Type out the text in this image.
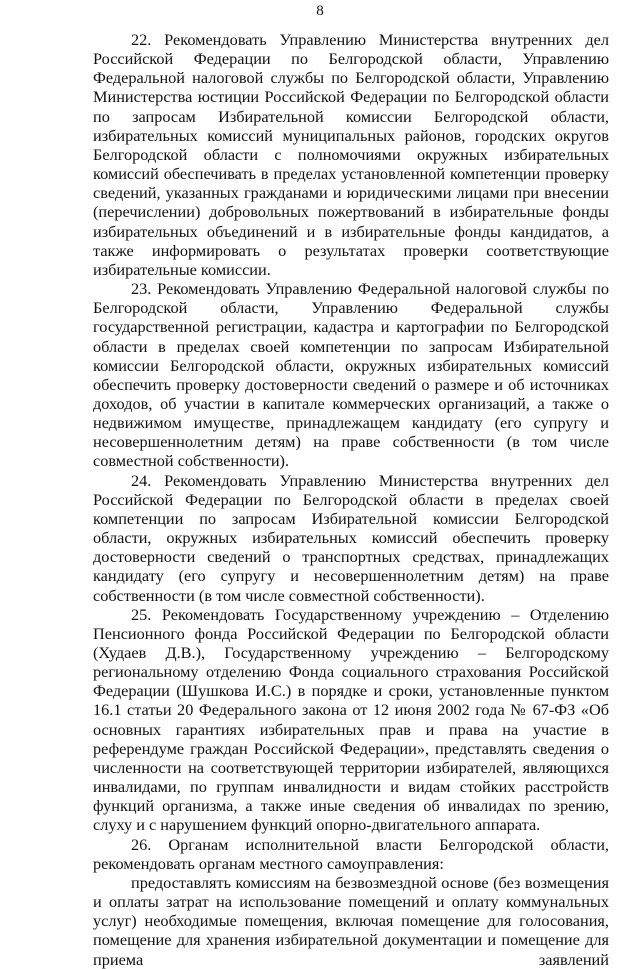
8

22. Рекомендовать Управлению Министерства внутренних дел Российской Федерации по Белгородской области, Управлению Федеральной налоговой службы по Белгородской области, Управлению Министерства юстиции Российской Федерации по Белгородской области по запросам Избирательной комиссии Белгородской области, избирательных комиссий муниципальных районов, городских округов Белгородской области с полномочиями окружных избирательных комиссий обеспечивать в пределах установленной компетенции проверку сведений, указанных гражданами и юридическими лицами при внесении (перечислении) добровольных пожертвований в избирательные фонды избирательных объединений и в избирательные фонды кандидатов, а также информировать о результатах проверки соответствующие избирательные комиссии.

23. Рекомендовать Управлению Федеральной налоговой службы по Белгородской области, Управлению Федеральной службы государственной регистрации, кадастра и картографии по Белгородской области в пределах своей компетенции по запросам Избирательной комиссии Белгородской области, окружных избирательных комиссий обеспечить проверку достоверности сведений о размере и об источниках доходов, об участии в капитале коммерческих организаций, а также о недвижимом имуществе, принадлежащем кандидату (его супругу и несовершеннолетним детям) на праве собственности (в том числе совместной собственности).

24. Рекомендовать Управлению Министерства внутренних дел Российской Федерации по Белгородской области в пределах своей компетенции по запросам Избирательной комиссии Белгородской области, окружных избирательных комиссий обеспечить проверку достоверности сведений о транспортных средствах, принадлежащих кандидату (его супругу и несовершеннолетним детям) на праве собственности (в том числе совместной собственности).

25. Рекомендовать Государственному учреждению – Отделению Пенсионного фонда Российской Федерации по Белгородской области (Худаев Д.В.), Государственному учреждению – Белгородскому региональному отделению Фонда социального страхования Российской Федерации (Шушкова И.С.) в порядке и сроки, установленные пунктом 16.1 статьи 20 Федерального закона от 12 июня 2002 года № 67-ФЗ «Об основных гарантиях избирательных прав и права на участие в референдуме граждан Российской Федерации», представлять сведения о численности на соответствующей территории избирателей, являющихся инвалидами, по группам инвалидности и видам стойких расстройств функций организма, а также иные сведения об инвалидах по зрению, слуху и с нарушением функций опорно-двигательного аппарата.

26. Органам исполнительной власти Белгородской области, рекомендовать органам местного самоуправления:

предоставлять комиссиям на безвозмездной основе (без возмещения и оплаты затрат на использование помещений и оплату коммунальных услуг) необходимые помещения, включая помещение для голосования, помещение для хранения избирательной документации и помещение для приема заявлений
